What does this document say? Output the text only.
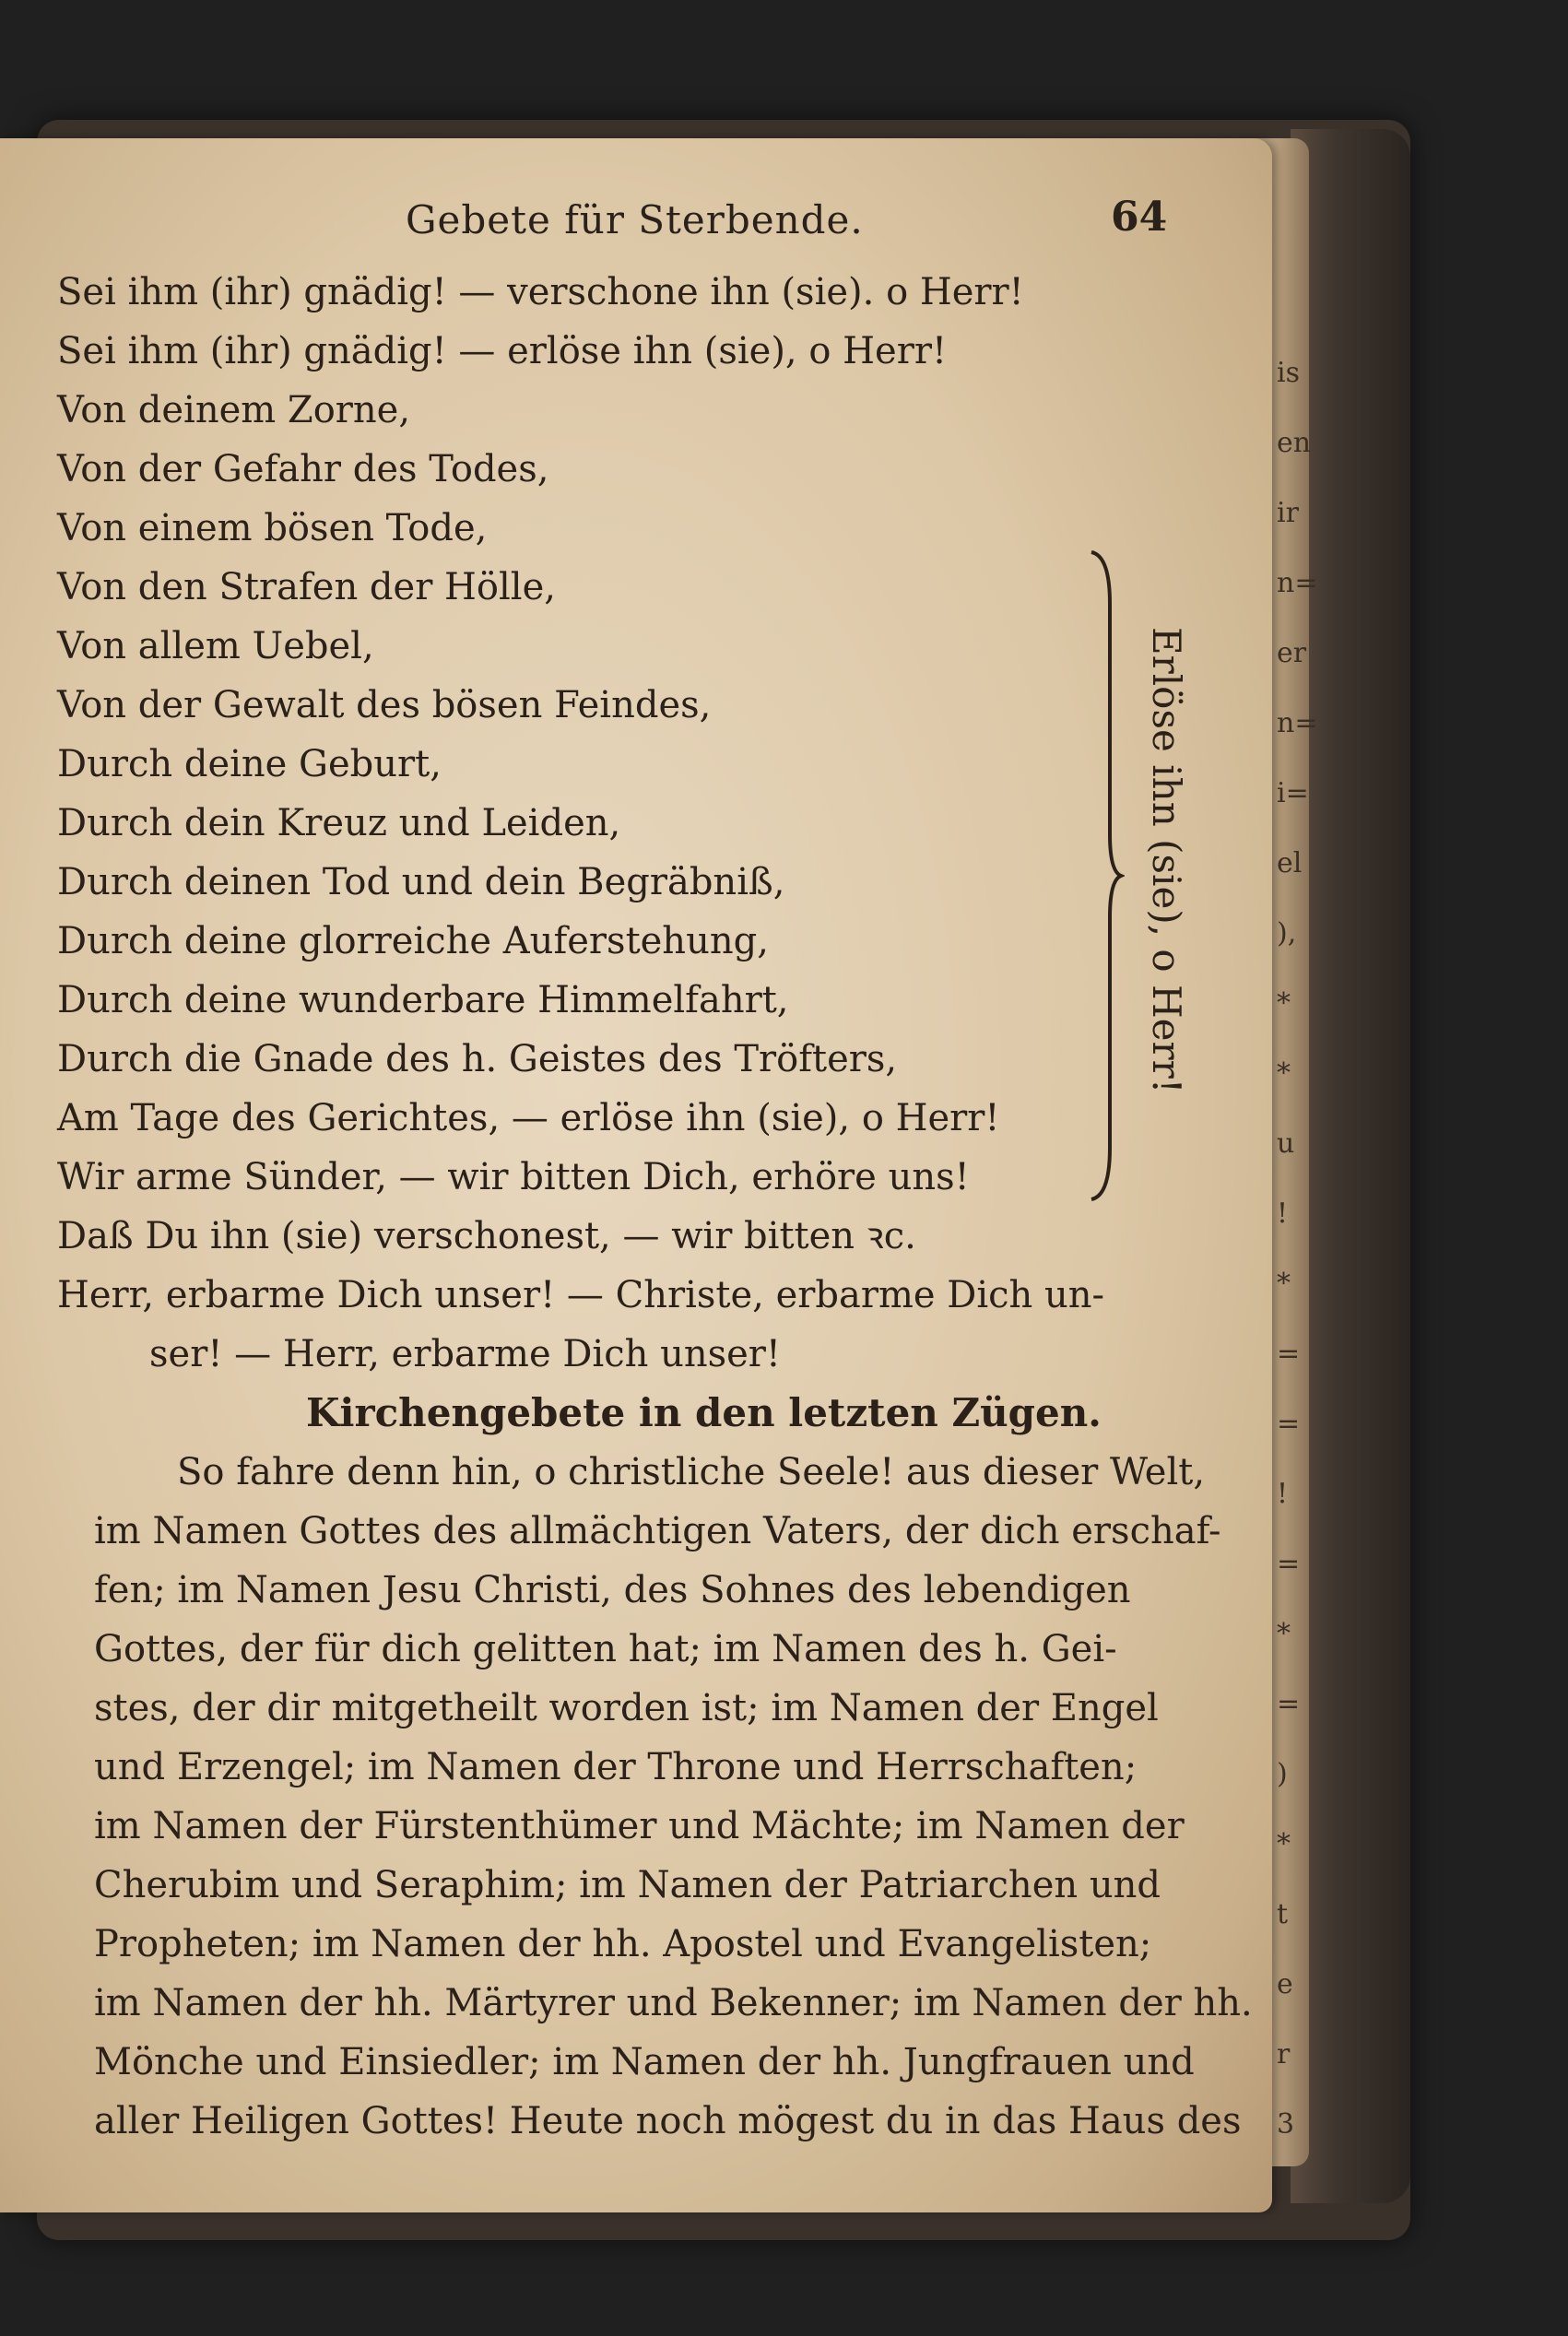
Gebete für Sterbende.	64
Sei ihm (ihr) gnädig! — verschone ihn (sie). o Herr!
Sei ihm (ihr) gnädig! — erlöse ihn (sie), o Herr!
Von deinem Zorne,
Von der Gefahr des Todes,
Von einem bösen Tode,
Von den Strafen der Hölle,
Von allem Uebel,
Von der Gewalt des bösen Feindes,
Durch deine Geburt,
Durch dein Kreuz und Leiden,
Durch deinen Tod und dein Begräbniß,
Durch deine glorreiche Auferstehung,
Durch deine wunderbare Himmelfahrt,
Durch die Gnade des h. Geistes des Tröfters,
Am Tage des Gerichtes, — erlöse ihn (sie), o Herr!
Wir arme Sünder, — wir bitten Dich, erhöre uns!
Daß Du ihn (sie) verschonest, — wir bitten ꝛc.
Herr, erbarme Dich unser! — Christe, erbarme Dich un-
ser! — Herr, erbarme Dich unser!
Kirchengebete in den letzten Zügen.
So fahre denn hin, o christliche Seele! aus dieser Welt,
im Namen Gottes des allmächtigen Vaters, der dich erschaf-
fen; im Namen Jesu Christi, des Sohnes des lebendigen
Gottes, der für dich gelitten hat; im Namen des h. Gei-
stes, der dir mitgetheilt worden ist; im Namen der Engel
und Erzengel; im Namen der Throne und Herrschaften;
im Namen der Fürstenthümer und Mächte; im Namen der
Cherubim und Seraphim; im Namen der Patriarchen und
Propheten; im Namen der hh. Apostel und Evangelisten;
im Namen der hh. Märtyrer und Bekenner; im Namen der hh.
Mönche und Einsiedler; im Namen der hh. Jungfrauen und
aller Heiligen Gottes! Heute noch mögest du in das Haus des
Erlöse ihn (sie), o Herr!
is
en
ir
n=
er
n=
i=
el
),
*
*
u
!
*
=
=
!
=
*
=
)
*
t
e
r
3
